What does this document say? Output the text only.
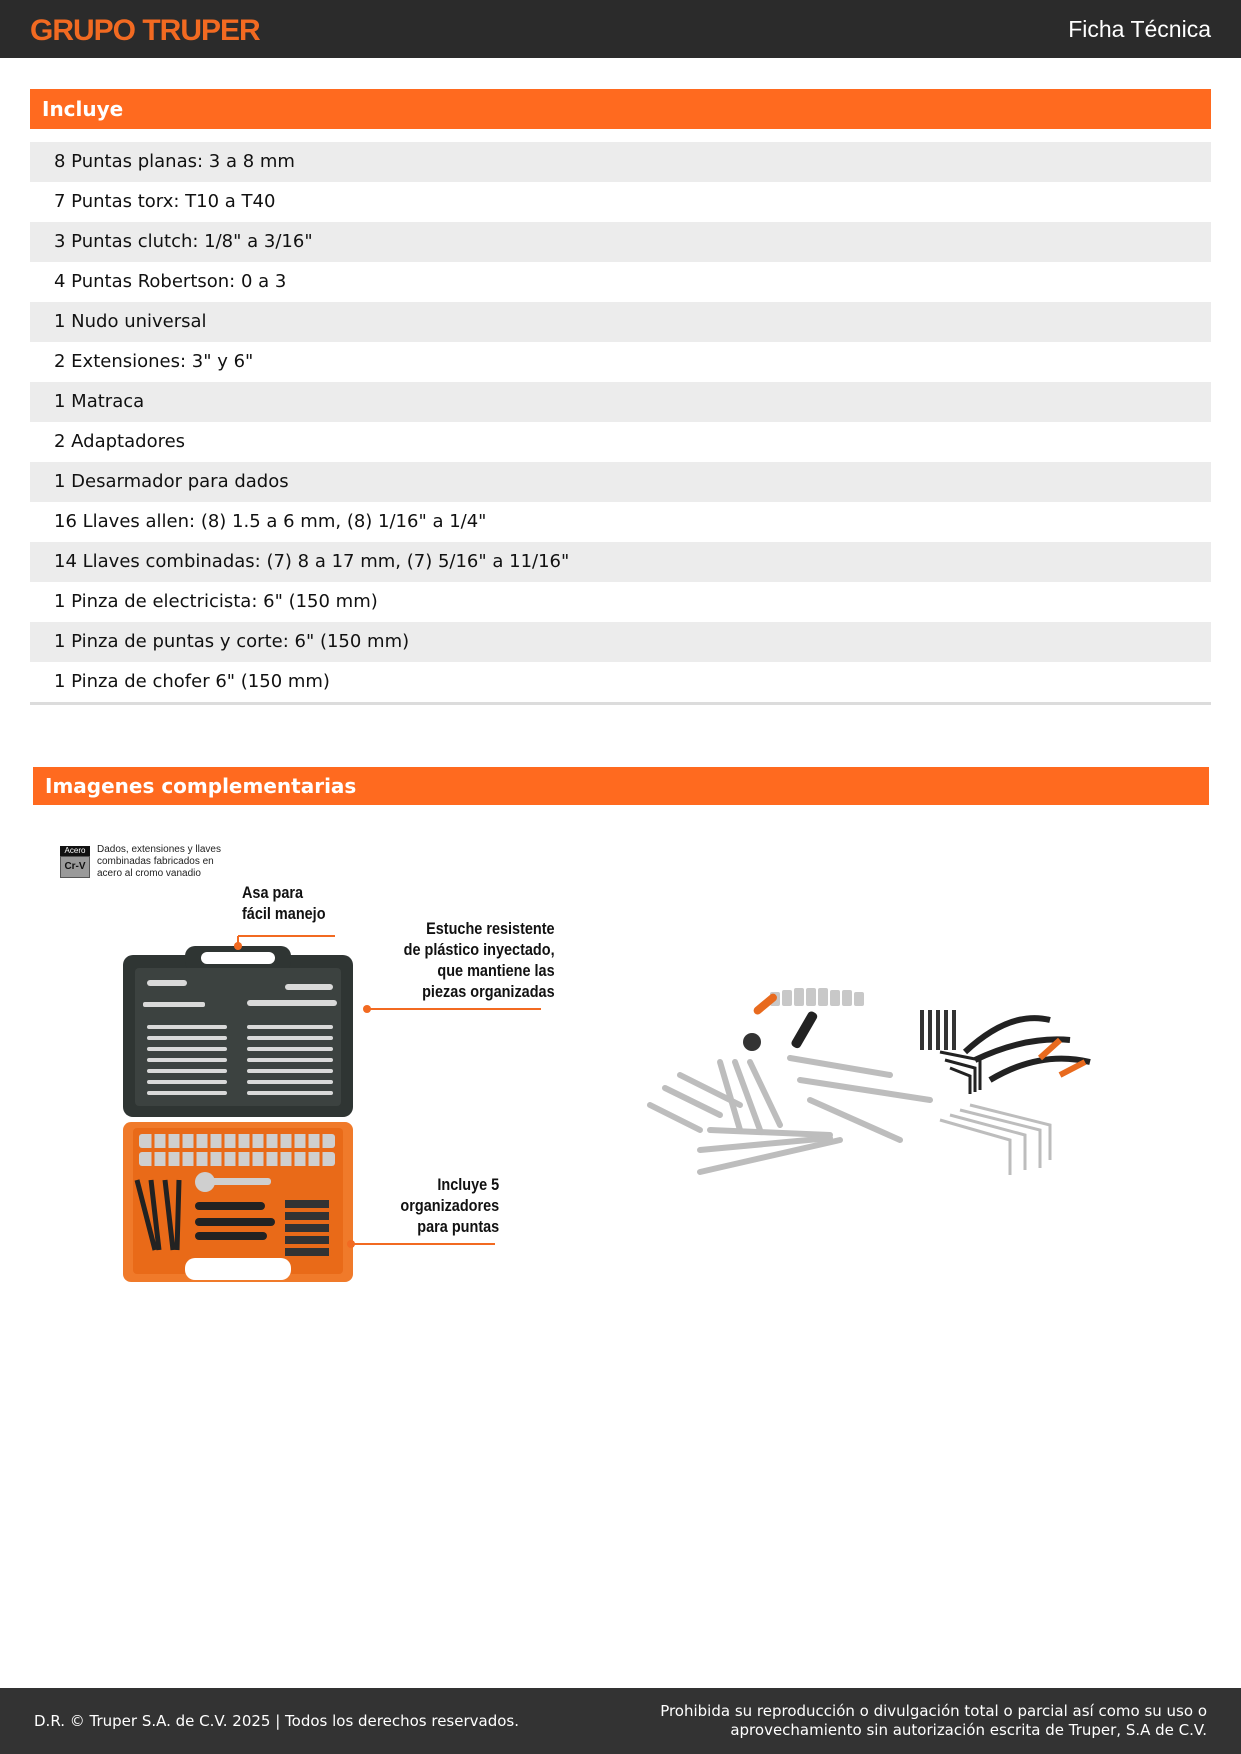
GRUPO TRUPER	Ficha Técnica
Incluye
8 Puntas planas: 3 a 8 mm
7 Puntas torx: T10 a T40
3 Puntas clutch: 1/8" a 3/16"
4 Puntas Robertson: 0 a 3
1 Nudo universal
2 Extensiones: 3" y 6"
1 Matraca
2 Adaptadores
1 Desarmador para dados
16 Llaves allen: (8) 1.5 a 6 mm, (8) 1/16" a 1/4"
14 Llaves combinadas: (7) 8 a 17 mm, (7) 5/16" a 11/16"
1 Pinza de electricista: 6" (150 mm)
1 Pinza de puntas y corte: 6" (150 mm)
1 Pinza de chofer 6" (150 mm)
Imagenes complementarias
Acero
Cr-V
Dados, extensiones y llaves combinadas fabricados en acero al cromo vanadio
Asa para
fácil manejo
Estuche resistente
de plástico inyectado,
que mantiene las
piezas organizadas
Incluye 5
organizadores
para puntas
D.R. © Truper S.A. de C.V. 2025 | Todos los derechos reservados.
Prohibida su reproducción o divulgación total o parcial así como su uso o aprovechamiento sin autorización escrita de Truper, S.A de C.V.
